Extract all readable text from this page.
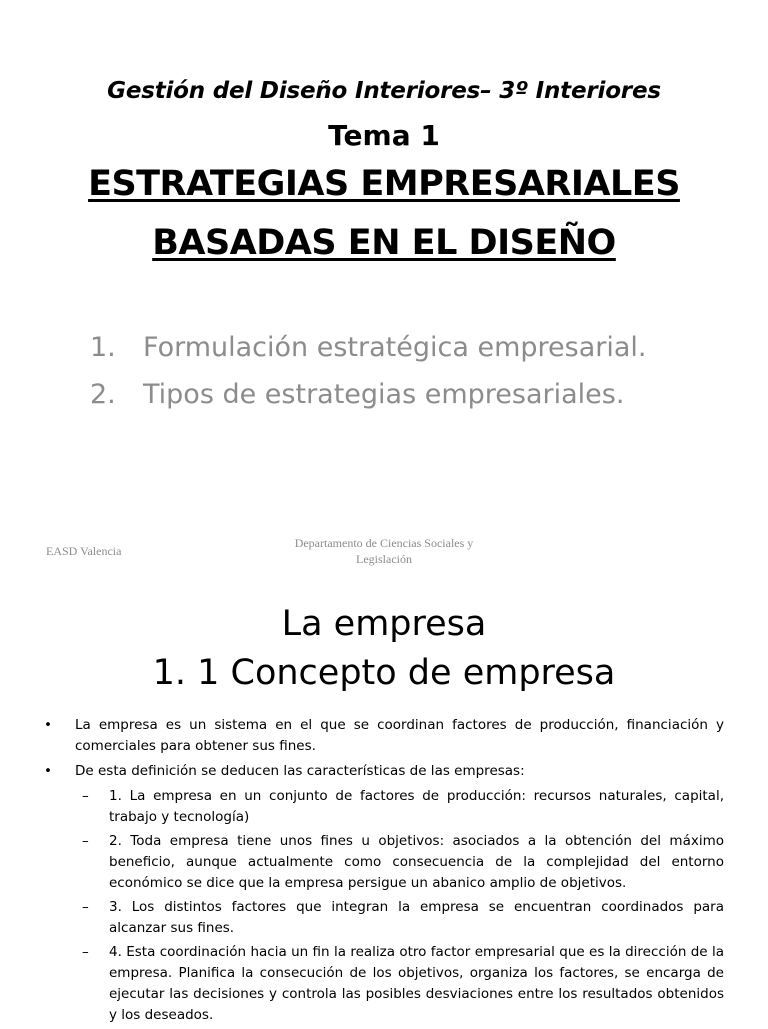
Gestión del Diseño Interiores– 3º Interiores
Tema 1
ESTRATEGIAS EMPRESARIALES
BASADAS EN EL DISEÑO
1. Formulación estratégica empresarial.
2. Tipos de estrategias empresariales.
EASD Valencia
Departamento de Ciencias Sociales y
Legislación
La empresa
1. 1 Concepto de empresa
• La empresa es un sistema en el que se coordinan factores de producción, financiación y comerciales para obtener sus fines.
• De esta definición se deducen las características de las empresas:
– 1. La empresa en un conjunto de factores de producción: recursos naturales, capital, trabajo y tecnología)
– 2. Toda empresa tiene unos fines u objetivos: asociados a la obtención del máximo beneficio, aunque actualmente como consecuencia de la complejidad del entorno económico se dice que la empresa persigue un abanico amplio de objetivos.
– 3. Los distintos factores que integran la empresa se encuentran coordinados para alcanzar sus fines.
– 4. Esta coordinación hacia un fin la realiza otro factor empresarial que es la dirección de la empresa. Planifica la consecución de los objetivos, organiza los factores, se encarga de ejecutar las decisiones y controla las posibles desviaciones entre los resultados obtenidos y los deseados.
